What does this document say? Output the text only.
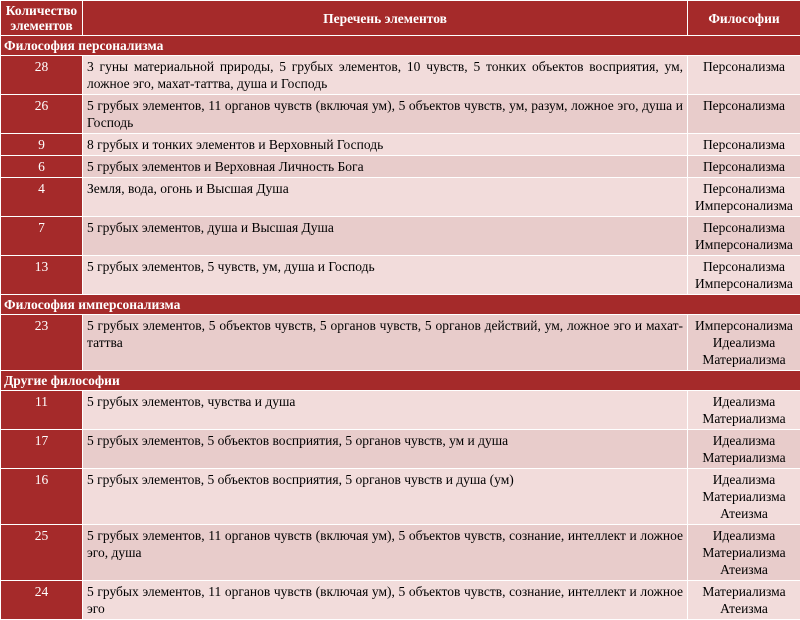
Количество элементов	Перечень элементов	Философии
Философия персонализма		
28	3 гуны материальной природы, 5 грубых элементов, 10 чувств, 5 тонких объектов восприятия, ум, ложное эго, махат-таттва, душа и Господь	Персонализма

26	5 грубых элементов, 11 органов чувств (включая ум), 5 объектов чувств, ум, разум, ложное эго, душа и Господь	Персонализма

9	8 грубых и тонких элементов и Верховный Господь	Персонализма

6	5 грубых элементов и Верховная Личность Бога	Персонализма

4	Земля, вода, огонь и Высшая Душа	Персонализма
Имперсонализма

7	5 грубых элементов, душа и Высшая Душа	Персонализма
Имперсонализма

13	5 грубых элементов, 5 чувств, ум, душа и Господь	Персонализма
Имперсонализма

Философия имперсонализма		
23	5 грубых элементов, 5 объектов чувств, 5 органов чувств, 5 органов действий, ум, ложное эго и махат-таттва	Имперсонализма
Идеализма
Материализма

Другие философии		
11	5 грубых элементов, чувства и душа	Идеализма
Материализма

17	5 грубых элементов, 5 объектов восприятия, 5 органов чувств, ум и душа	Идеализма
Материализма

16	5 грубых элементов, 5 объектов восприятия, 5 органов чувств и душа (ум)	Идеализма
Материализма
Атеизма

25	5 грубых элементов, 11 органов чувств (включая ум), 5 объектов чувств, сознание, интеллект и ложное эго, душа	Идеализма
Материализма
Атеизма

24	5 грубых элементов, 11 органов чувств (включая ум), 5 объектов чувств, сознание, интеллект и ложное эго	Материализма
Атеизма
